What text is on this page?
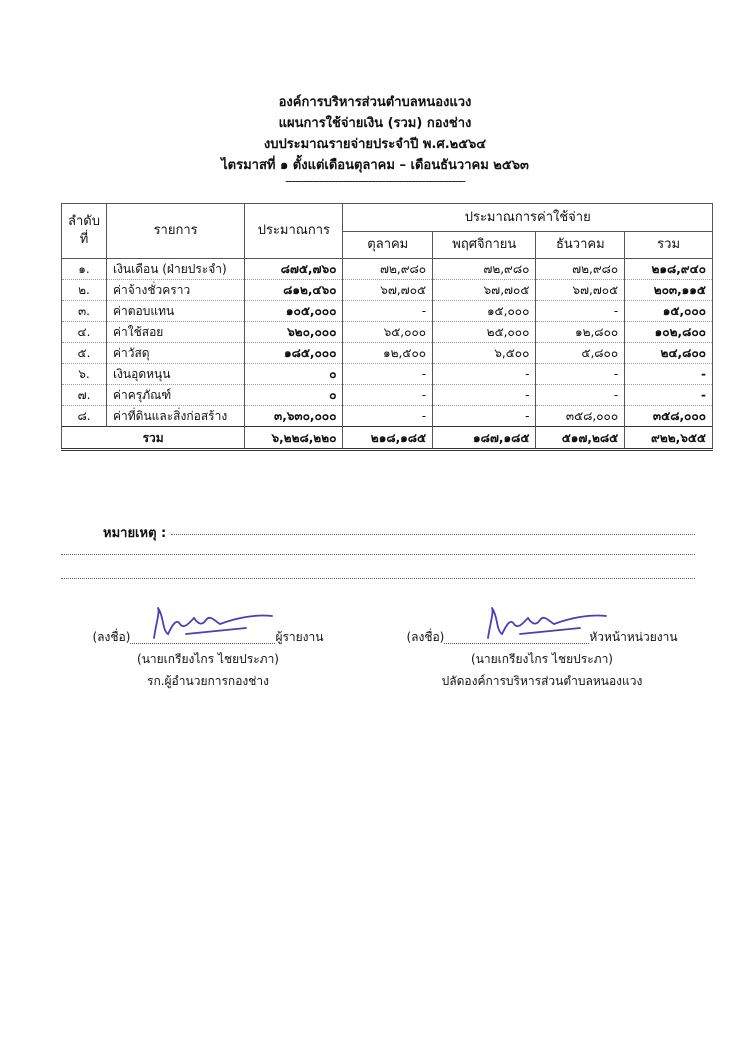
องค์การบริหารส่วนตำบลหนองแวง
แผนการใช้จ่ายเงิน (รวม) กองช่าง
งบประมาณรายจ่ายประจำปี พ.ศ.๒๕๖๔
ไตรมาสที่ ๑ ตั้งแต่เดือนตุลาคม – เดือนธันวาคม ๒๕๖๓
------------------------------------------------------
ลำดับ
ที่	รายการ	ประมาณการ	ประมาณการค่าใช้จ่าย			
			ตุลาคม	พฤศจิกายน	ธันวาคม	รวม
๑.	เงินเดือน (ฝ่ายประจำ)	๘๗๕,๗๖๐	๗๒,๙๘๐	๗๒,๙๘๐	๗๒,๙๘๐	๒๑๘,๙๔๐
๒.	ค่าจ้างชั่วคราว	๘๑๒,๔๖๐	๖๗,๗๐๕	๖๗,๗๐๕	๖๗,๗๐๕	๒๐๓,๑๑๕
๓.	ค่าตอบแทน	๑๐๕,๐๐๐	-	๑๕,๐๐๐	-	๑๕,๐๐๐
๔.	ค่าใช้สอย	๖๒๐,๐๐๐	๖๕,๐๐๐	๒๕,๐๐๐	๑๒,๘๐๐	๑๐๒,๘๐๐
๕.	ค่าวัสดุ	๑๘๕,๐๐๐	๑๒,๕๐๐	๖,๕๐๐	๕,๘๐๐	๒๔,๘๐๐
๖.	เงินอุดหนุน	๐	-	-	-	-
๗.	ค่าครุภัณฑ์	๐	-	-	-	-
๘.	ค่าที่ดินและสิ่งก่อสร้าง	๓,๖๓๐,๐๐๐	-	-	๓๕๘,๐๐๐	๓๕๘,๐๐๐
รวม		๖,๒๒๘,๒๒๐	๒๑๘,๑๘๕	๑๘๗,๑๘๕	๕๑๗,๒๘๕	๙๒๒,๖๕๕
หมายเหตุ :
(ลงชื่อ)	ผู้รายงาน
(นายเกรียงไกร ไชยประภา)
รก.ผู้อำนวยการกองช่าง
(ลงชื่อ)	หัวหน้าหน่วยงาน
(นายเกรียงไกร ไชยประภา)
ปลัดองค์การบริหารส่วนตำบลหนองแวง
